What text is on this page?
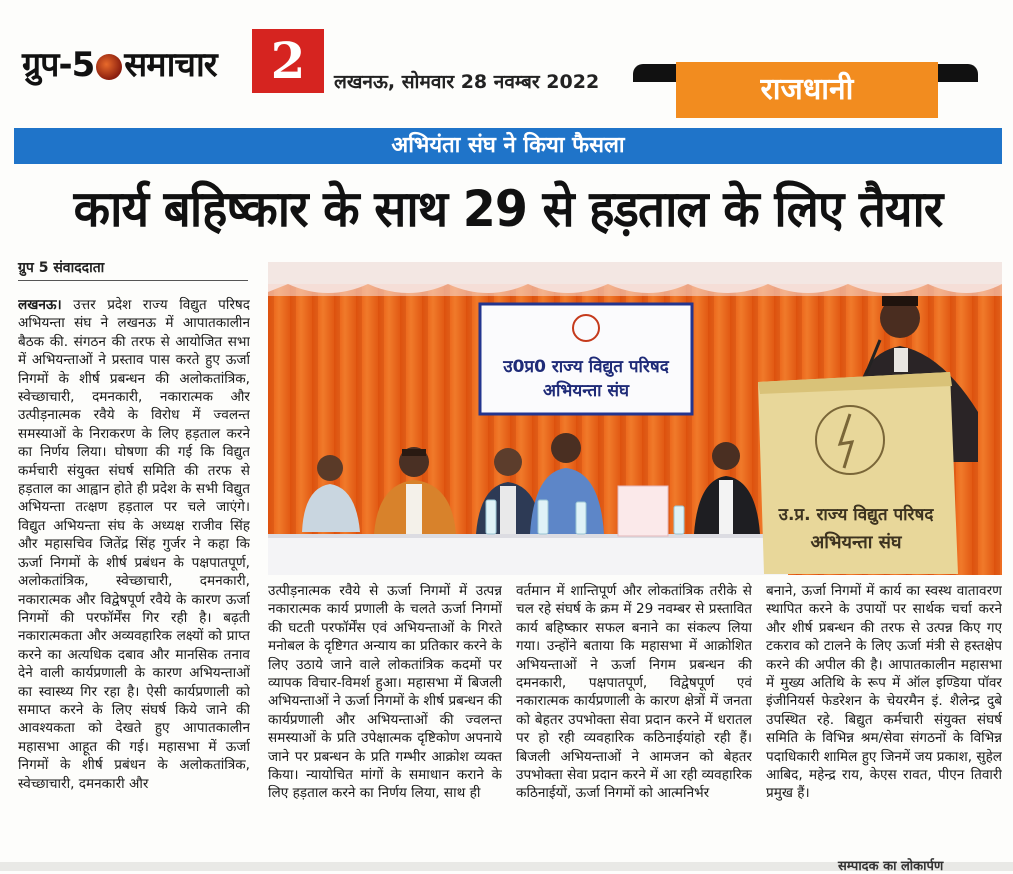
ग्रुप-5 समाचार	2	लखनऊ, सोमवार 28 नवम्बर 2022	राजधानी
अभियंता संघ ने किया फैसला
कार्य बहिष्कार के साथ 29 से हड़ताल के लिए तैयार
ग्रुप 5 संवाददाता
लखनऊ। उत्तर प्रदेश राज्य विद्युत परिषद अभियन्ता संघ ने लखनऊ में आपातकालीन बैठक की. संगठन की तरफ से आयोजित सभा में अभियन्ताओं ने प्रस्ताव पास करते हुए ऊर्जा निगमों के शीर्ष प्रबन्धन की अलोकतांत्रिक, स्वेच्छाचारी, दमनकारी, नकारात्मक और उत्पीड़नात्मक रवैये के विरोध में ज्वलन्त समस्याओं के निराकरण के लिए हड़ताल करने का निर्णय लिया। घोषणा की गई कि विद्युत कर्मचारी संयुक्त संघर्ष समिति की तरफ से हड़ताल का आह्वान होते ही प्रदेश के सभी विद्युत अभियन्ता तत्क्षण हड़ताल पर चले जाएंगे। विद्युत अभियन्ता संघ के अध्यक्ष राजीव सिंह और महासचिव जितेंद्र सिंह गुर्जर ने कहा कि ऊर्जा निगमों के शीर्ष प्रबंधन के पक्षपातपूर्ण, अलोकतांत्रिक, स्वेच्छाचारी, दमनकारी, नकारात्मक और विद्वेषपूर्ण रवैये के कारण ऊर्जा निगमों की परफॉर्मेंस गिर रही है। बढ़ती नकारात्मकता और अव्यवहारिक लक्ष्यों को प्राप्त करने का अत्यधिक दबाव और मानसिक तनाव देने वाली कार्यप्रणाली के कारण अभियन्ताओं का स्वास्थ्य गिर रहा है। ऐसी कार्यप्रणाली को समाप्त करने के लिए संघर्ष किये जाने की आवश्यकता को देखते हुए आपातकालीन महासभा आहूत की गई। महासभा में ऊर्जा निगमों के शीर्ष प्रबंधन के अलोकतांत्रिक, स्वेच्छाचारी, दमनकारी और
उ0प्र0 राज्य विद्युत परिषद
अभियन्ता संघ
उ.प्र. राज्य विद्युत परिषद
अभियन्ता संघ
उत्पीड़नात्मक रवैये से ऊर्जा निगमों में उत्पन्न नकारात्मक कार्य प्रणाली के चलते ऊर्जा निगमों की घटती परफॉर्मेंस एवं अभियन्ताओं के गिरते मनोबल के दृष्टिगत अन्याय का प्रतिकार करने के लिए उठाये जाने वाले लोकतांत्रिक कदमों पर व्यापक विचार-विमर्श हुआ। महासभा में बिजली अभियन्ताओं ने ऊर्जा निगमों के शीर्ष प्रबन्धन की कार्यप्रणाली और अभियन्ताओं की ज्वलन्त समस्याओं के प्रति उपेक्षात्मक दृष्टिकोण अपनाये जाने पर प्रबन्धन के प्रति गम्भीर आक्रोश व्यक्त किया। न्यायोचित मांगों के समाधान कराने के लिए हड़ताल करने का निर्णय लिया, साथ ही
वर्तमान में शान्तिपूर्ण और लोकतांत्रिक तरीके से चल रहे संघर्ष के क्रम में 29 नवम्बर से प्रस्तावित कार्य बहिष्कार सफल बनाने का संकल्प लिया गया। उन्होंने बताया कि महासभा में आक्रोशित अभियन्ताओं ने ऊर्जा निगम प्रबन्धन की दमनकारी, पक्षपातपूर्ण, विद्वेषपूर्ण एवं नकारात्मक कार्यप्रणाली के कारण क्षेत्रों में जनता को बेहतर उपभोक्ता सेवा प्रदान करने में धरातल पर हो रही व्यवहारिक कठिनाईयांहो रही हैं। बिजली अभियन्ताओं ने आमजन को बेहतर उपभोक्ता सेवा प्रदान करने में आ रही व्यवहारिक कठिनाईयों, ऊर्जा निगमों को आत्मनिर्भर
बनाने, ऊर्जा निगमों में कार्य का स्वस्थ वातावरण स्थापित करने के उपायों पर सार्थक चर्चा करने और शीर्ष प्रबन्धन की तरफ से उत्पन्न किए गए टकराव को टालने के लिए ऊर्जा मंत्री से हस्तक्षेप करने की अपील की है। आपातकालीन महासभा में मुख्य अतिथि के रूप में ऑल इण्डिया पॉवर इंजीनियर्स फेडरेशन के चेयरमैन इं. शैलेन्द्र दुबे उपस्थित रहे. बिद्युत कर्मचारी संयुक्त संघर्ष समिति के विभिन्न श्रम/सेवा संगठनों के विभिन्न पदाधिकारी शामिल हुए जिनमें जय प्रकाश, सुहेल आबिद, महेन्द्र राय, केएस रावत, पीएन तिवारी प्रमुख हैं।
सम्पादक का लोकार्पण
